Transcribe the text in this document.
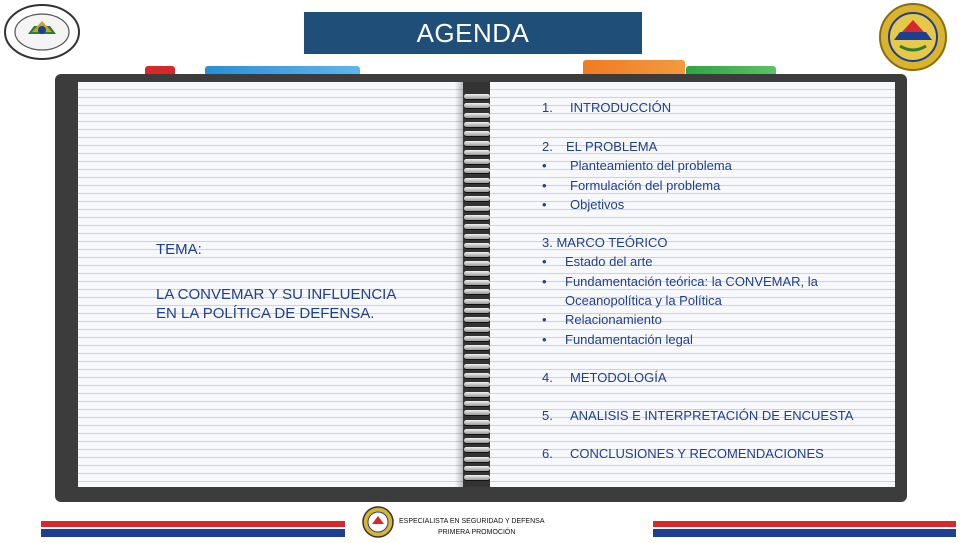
AGENDA
TEMA:
LA CONVEMAR Y SU INFLUENCIA
EN LA POLÍTICA DE DEFENSA.
1.	INTRODUCCIÓN
2.	EL PROBLEMA
•	Planteamiento del problema
•	Formulación del problema
•	Objetivos
3. MARCO TEÓRICO
•	Estado del arte
•	Fundamentación teórica: la CONVEMAR, la
Oceanopolítica y la Política
•	Relacionamiento
•	Fundamentación legal
4.	METODOLOGÍA
5.	ANALISIS E INTERPRETACIÓN DE ENCUESTA
6.	CONCLUSIONES Y RECOMENDACIONES
ESPECIALISTA EN SEGURIDAD Y DEFENSA
PRIMERA PROMOCIÓN
